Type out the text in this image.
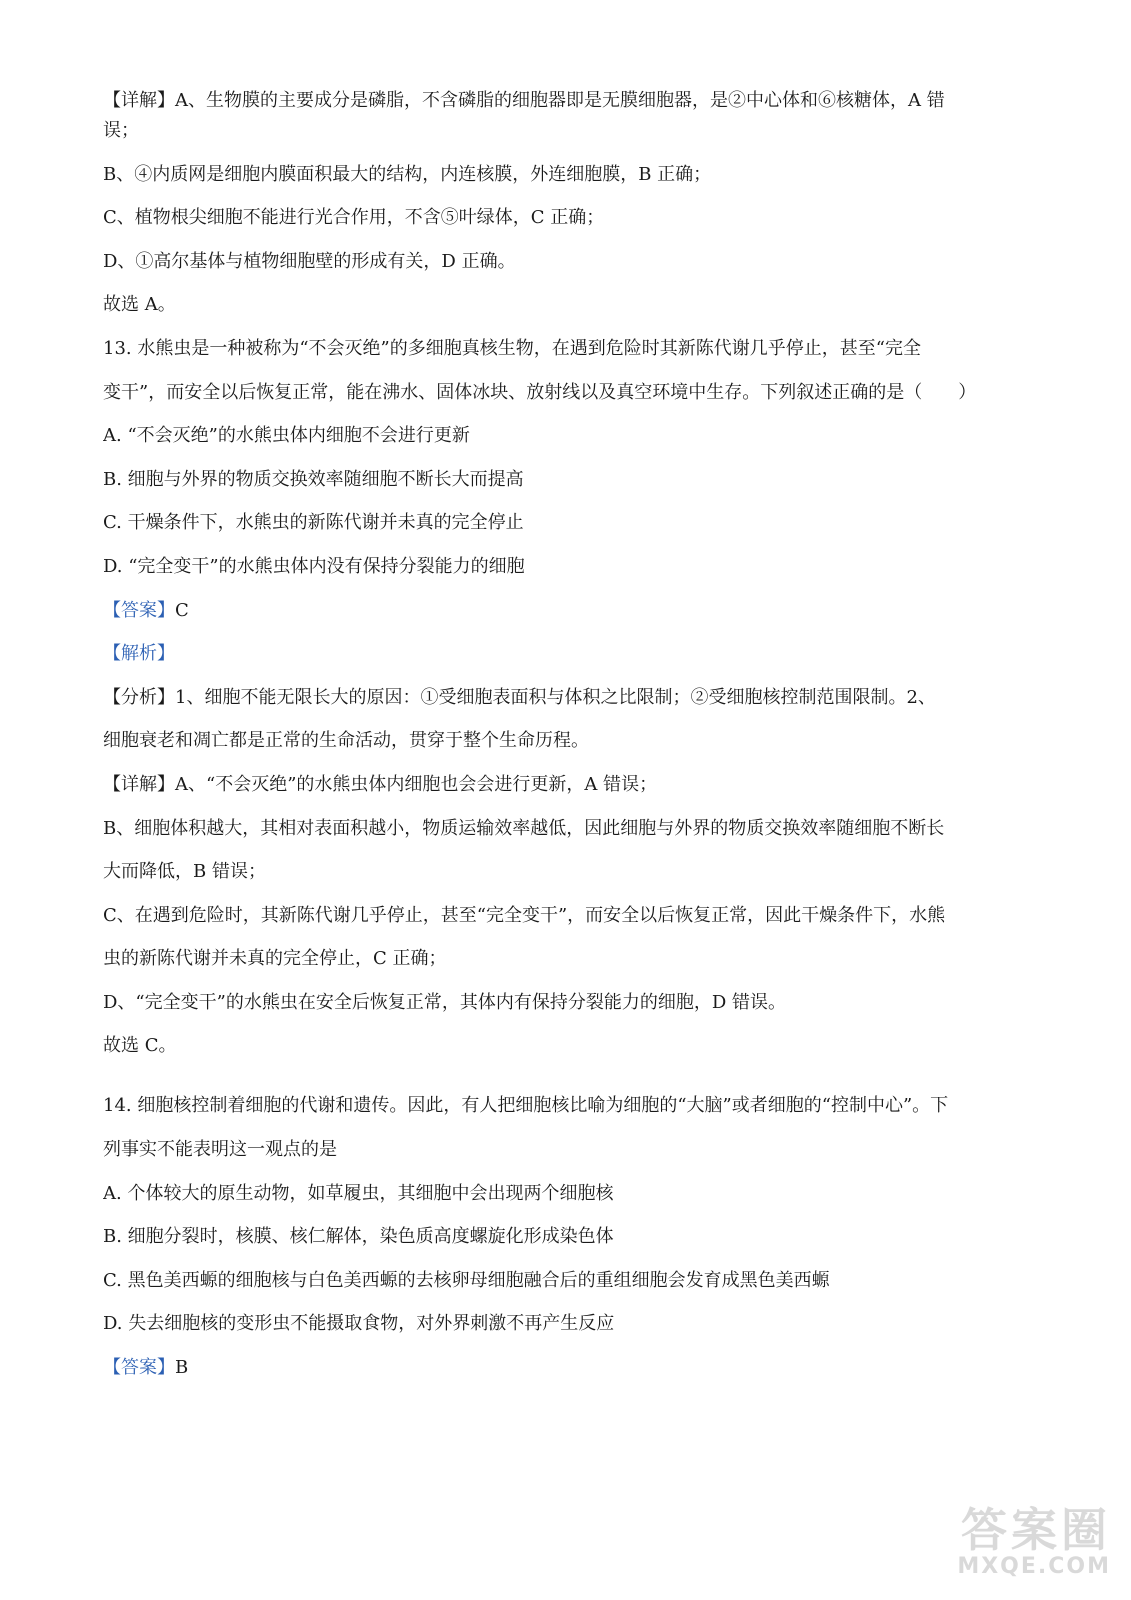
【详解】A、生物膜的主要成分是磷脂，不含磷脂的细胞器即是无膜细胞器，是②中心体和⑥核糖体，A 错

误；

B、④内质网是细胞内膜面积最大的结构，内连核膜，外连细胞膜，B 正确；

C、植物根尖细胞不能进行光合作用，不含⑤叶绿体，C 正确；

D、①高尔基体与植物细胞壁的形成有关，D 正确。

故选 A。

13. 水熊虫是一种被称为“不会灭绝”的多细胞真核生物，在遇到危险时其新陈代谢几乎停止，甚至“完全

变干”，而安全以后恢复正常，能在沸水、固体冰块、放射线以及真空环境中生存。下列叙述正确的是（　　）

A. “不会灭绝”的水熊虫体内细胞不会进行更新

B. 细胞与外界的物质交换效率随细胞不断长大而提高

C. 干燥条件下，水熊虫的新陈代谢并未真的完全停止

D. “完全变干”的水熊虫体内没有保持分裂能力的细胞

【答案】C

【解析】

【分析】1、细胞不能无限长大的原因：①受细胞表面积与体积之比限制；②受细胞核控制范围限制。2、

细胞衰老和凋亡都是正常的生命活动，贯穿于整个生命历程。

【详解】A、“不会灭绝”的水熊虫体内细胞也会会进行更新，A 错误；

B、细胞体积越大，其相对表面积越小，物质运输效率越低，因此细胞与外界的物质交换效率随细胞不断长

大而降低，B 错误；

C、在遇到危险时，其新陈代谢几乎停止，甚至“完全变干”，而安全以后恢复正常，因此干燥条件下，水熊

虫的新陈代谢并未真的完全停止，C 正确；

D、“完全变干”的水熊虫在安全后恢复正常，其体内有保持分裂能力的细胞，D 错误。

故选 C。

14. 细胞核控制着细胞的代谢和遗传。因此，有人把细胞核比喻为细胞的“大脑”或者细胞的“控制中心”。下

列事实不能表明这一观点的是

A. 个体较大的原生动物，如草履虫，其细胞中会出现两个细胞核

B. 细胞分裂时，核膜、核仁解体，染色质高度螺旋化形成染色体

C. 黑色美西螈的细胞核与白色美西螈的去核卵母细胞融合后的重组细胞会发育成黑色美西螈

D. 失去细胞核的变形虫不能摄取食物，对外界刺激不再产生反应

【答案】B

答案圈
MXQE.COM
